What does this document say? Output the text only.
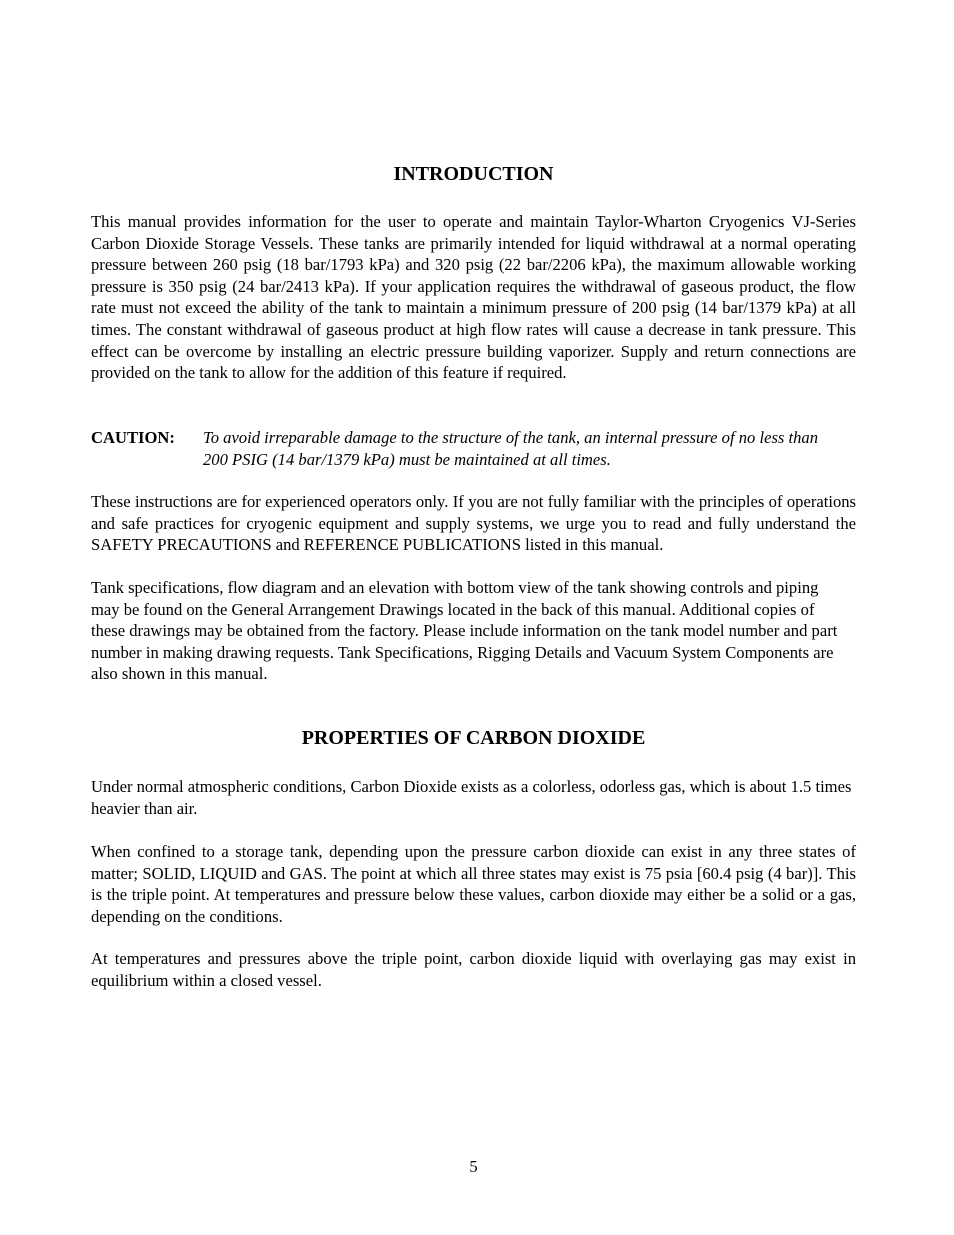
INTRODUCTION

This manual provides information for the user to operate and maintain Taylor-Wharton Cryogenics VJ-Series Carbon Dioxide Storage Vessels. These tanks are primarily intended for liquid withdrawal at a normal operating pressure between 260 psig (18 bar/1793 kPa) and 320 psig (22 bar/2206 kPa), the maximum allowable working pressure is 350 psig (24 bar/2413 kPa). If your application requires the withdrawal of gaseous product, the flow rate must not exceed the ability of the tank to maintain a minimum pressure of 200 psig (14 bar/1379 kPa) at all times. The constant withdrawal of gaseous product at high flow rates will cause a decrease in tank pressure. This effect can be overcome by installing an electric pressure building vaporizer. Supply and return connections are provided on the tank to allow for the addition of this feature if required.

CAUTION: To avoid irreparable damage to the structure of the tank, an internal pressure of no less than 200 PSIG (14 bar/1379 kPa) must be maintained at all times.

These instructions are for experienced operators only. If you are not fully familiar with the principles of operations and safe practices for cryogenic equipment and supply systems, we urge you to read and fully understand the SAFETY PRECAUTIONS and REFERENCE PUBLICATIONS listed in this manual.

Tank specifications, flow diagram and an elevation with bottom view of the tank showing controls and piping may be found on the General Arrangement Drawings located in the back of this manual. Additional copies of these drawings may be obtained from the factory. Please include information on the tank model number and part number in making drawing requests. Tank Specifications, Rigging Details and Vacuum System Components are also shown in this manual.

PROPERTIES OF CARBON DIOXIDE

Under normal atmospheric conditions, Carbon Dioxide exists as a colorless, odorless gas, which is about 1.5 times heavier than air.

When confined to a storage tank, depending upon the pressure carbon dioxide can exist in any three states of matter; SOLID, LIQUID and GAS. The point at which all three states may exist is 75 psia [60.4 psig (4 bar)]. This is the triple point. At temperatures and pressure below these values, carbon dioxide may either be a solid or a gas, depending on the conditions.

At temperatures and pressures above the triple point, carbon dioxide liquid with overlaying gas may exist in equilibrium within a closed vessel.

5
